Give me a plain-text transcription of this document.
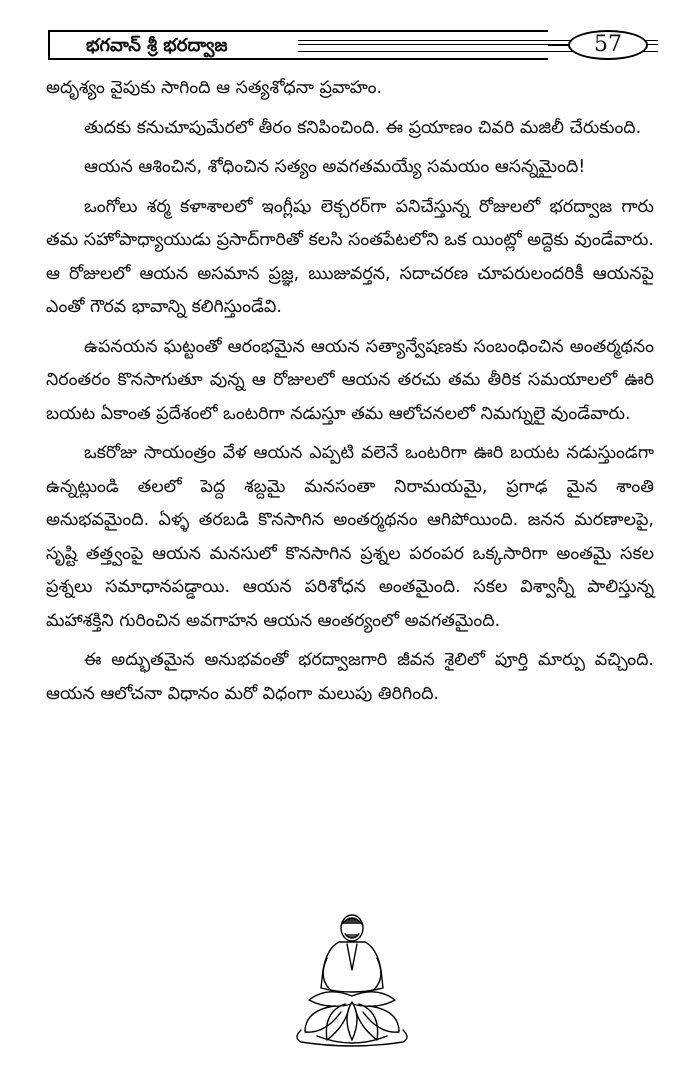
భగవాన్ శ్రీ భరద్వాజ	57

అదృశ్యం వైపుకు సాగింది ఆ సత్యశోధనా ప్రవాహం.

తుదకు కనుచూపుమేరలో తీరం కనిపించింది. ఈ ప్రయాణం చివరి మజిలీ చేరుకుంది.

ఆయన ఆశించిన, శోధించిన సత్యం అవగతమయ్యే సమయం ఆసన్నమైంది!

ఒంగోలు శర్మ కళాశాలలో ఇంగ్లీషు లెక్చరర్‌గా పనిచేస్తున్న రోజులలో భరద్వాజ గారు తమ సహోపాధ్యాయుడు ప్రసాద్‌గారితో కలసి సంతపేటలోని ఒక యింట్లో అద్దెకు వుండేవారు. ఆ రోజులలో ఆయన అసమాన ప్రజ్ఞ, ఋజువర్తన, సదాచరణ చూపరులందరికీ ఆయనపై ఎంతో గౌరవ భావాన్ని కలిగిస్తుండేవి.

ఉపనయన ఘట్టంతో ఆరంభమైన ఆయన సత్యాన్వేషణకు సంబంధించిన అంతర్మథనం నిరంతరం కొనసాగుతూ వున్న ఆ రోజులలో ఆయన తరచు తమ తీరిక సమయాలలో ఊరి బయట ఏకాంత ప్రదేశంలో ఒంటరిగా నడుస్తూ తమ ఆలోచనలలో నిమగ్నులై వుండేవారు.

ఒకరోజు సాయంత్రం వేళ ఆయన ఎప్పటి వలెనే ఒంటరిగా ఊరి బయట నడుస్తుండగా ఉన్నట్లుండి తలలో పెద్ద శబ్దమై మనసంతా నిరామయమై, ప్రగాఢ మైన శాంతి అనుభవమైంది. ఏళ్ళ తరబడి కొనసాగిన అంతర్మథనం ఆగిపోయింది. జనన మరణాలపై, సృష్టి తత్త్వంపై ఆయన మనసులో కొనసాగిన ప్రశ్నల పరంపర ఒక్కసారిగా అంతమై సకల ప్రశ్నలు సమాధానపడ్డాయి. ఆయన పరిశోధన అంతమైంది. సకల విశ్వాన్నీ పాలిస్తున్న మహాశక్తిని గురించిన అవగాహన ఆయన ఆంతర్యంలో అవగతమైంది.

ఈ అద్భుతమైన అనుభవంతో భరద్వాజగారి జీవన శైలిలో పూర్తి మార్పు వచ్చింది. ఆయన ఆలోచనా విధానం మరో విధంగా మలుపు తిరిగింది.
